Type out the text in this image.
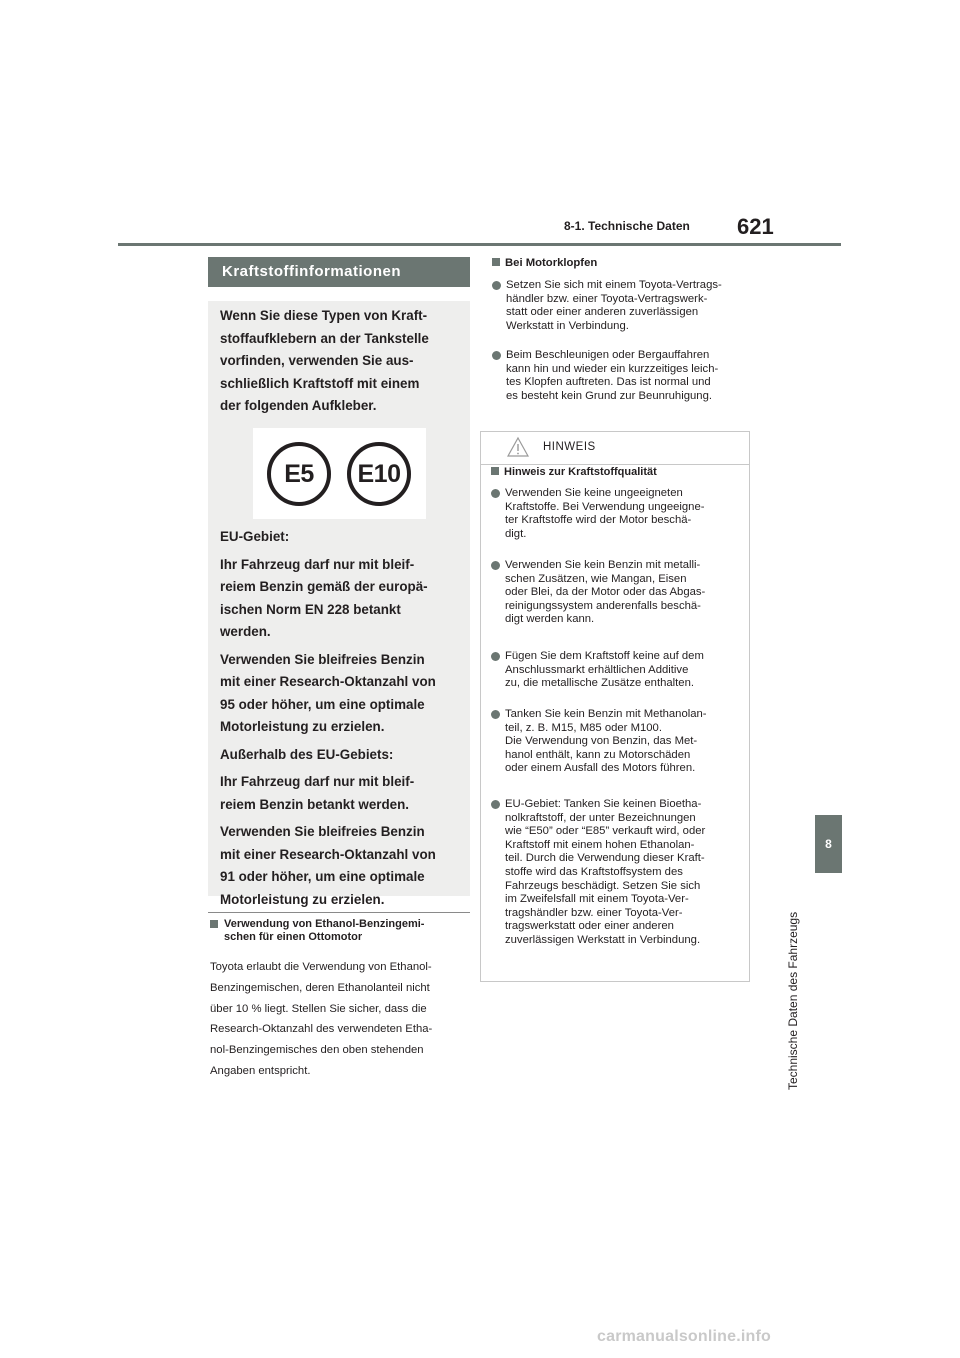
8-1. Technische Daten 621
8
Technische Daten des Fahrzeugs
Kraftstoffinformationen

Wenn Sie diese Typen von Kraft-
stoffaufklebern an der Tankstelle
vorfinden, verwenden Sie aus-
schließlich Kraftstoff mit einem
der folgenden Aufkleber.

E5	E10
EU-Gebiet:
Ihr Fahrzeug darf nur mit bleif-
reiem Benzin gemäß der europä-
ischen Norm EN 228 betankt
werden.
Verwenden Sie bleifreies Benzin
mit einer Research-Oktanzahl von
95 oder höher, um eine optimale
Motorleistung zu erzielen.
Außerhalb des EU-Gebiets:
Ihr Fahrzeug darf nur mit bleif-
reiem Benzin betankt werden.
Verwenden Sie bleifreies Benzin
mit einer Research-Oktanzahl von
91 oder höher, um eine optimale
Motorleistung zu erzielen.
Verwendung von Ethanol-Benzingemi-
schen für einen Ottomotor
Toyota erlaubt die Verwendung von Ethanol-
Benzingemischen, deren Ethanolanteil nicht
über 10 % liegt. Stellen Sie sicher, dass die
Research-Oktanzahl des verwendeten Etha-
nol-Benzingemisches den oben stehenden
Angaben entspricht.
Bei Motorklopfen
Setzen Sie sich mit einem Toyota-Vertrags-
händler bzw. einer Toyota-Vertragswerk-
statt oder einer anderen zuverlässigen
Werkstatt in Verbindung.
Beim Beschleunigen oder Bergauffahren
kann hin und wieder ein kurzzeitiges leich-
tes Klopfen auftreten. Das ist normal und
es besteht kein Grund zur Beunruhigung.
HINWEIS
Hinweis zur Kraftstoffqualität
Verwenden Sie keine ungeeigneten
Kraftstoffe. Bei Verwendung ungeeigne-
ter Kraftstoffe wird der Motor beschä-
digt.
Verwenden Sie kein Benzin mit metalli-
schen Zusätzen, wie Mangan, Eisen
oder Blei, da der Motor oder das Abgas-
reinigungssystem anderenfalls beschä-
digt werden kann.
Fügen Sie dem Kraftstoff keine auf dem
Anschlussmarkt erhältlichen Additive
zu, die metallische Zusätze enthalten.
Tanken Sie kein Benzin mit Methanolan-
teil, z. B. M15, M85 oder M100.
Die Verwendung von Benzin, das Met-
hanol enthält, kann zu Motorschäden
oder einem Ausfall des Motors führen.
EU-Gebiet: Tanken Sie keinen Bioetha-
nolkraftstoff, der unter Bezeichnungen
wie “E50” oder “E85” verkauft wird, oder
Kraftstoff mit einem hohen Ethanolan-
teil. Durch die Verwendung dieser Kraft-
stoffe wird das Kraftstoffsystem des
Fahrzeugs beschädigt. Setzen Sie sich
im Zweifelsfall mit einem Toyota-Ver-
tragshändler bzw. einer Toyota-Ver-
tragswerkstatt oder einer anderen
zuverlässigen Werkstatt in Verbindung.
carmanualsonline.info
